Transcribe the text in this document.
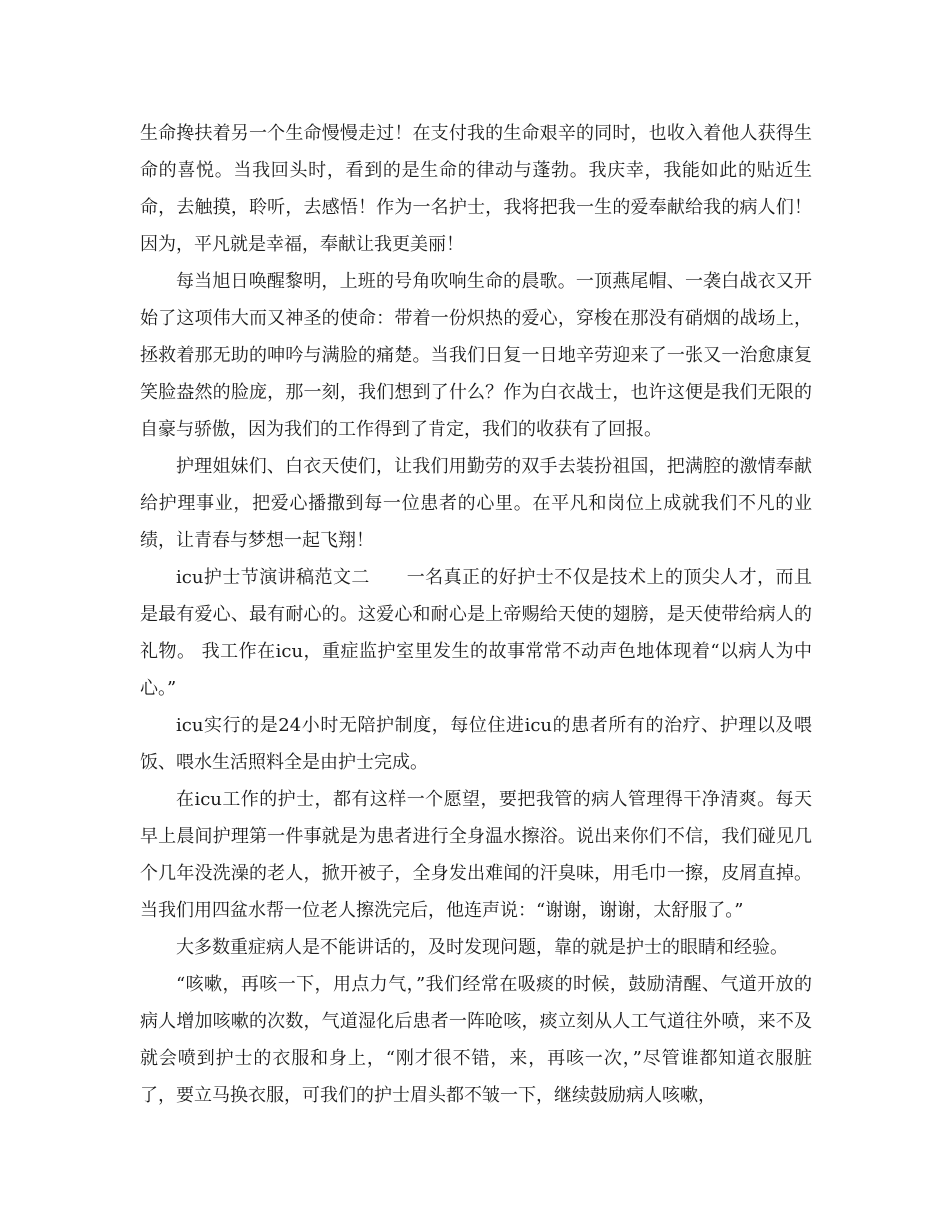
生命搀扶着另一个生命慢慢走过！在支付我的生命艰辛的同时，也收入着他人获得生命的喜悦。当我回头时，看到的是生命的律动与蓬勃。我庆幸，我能如此的贴近生命，去触摸，聆听，去感悟！作为一名护士，我将把我一生的爱奉献给我的病人们！因为，平凡就是幸福，奉献让我更美丽！

每当旭日唤醒黎明，上班的号角吹响生命的晨歌。一顶燕尾帽、一袭白战衣又开始了这项伟大而又神圣的使命：带着一份炽热的爱心，穿梭在那没有硝烟的战场上，拯救着那无助的呻吟与满脸的痛楚。当我们日复一日地辛劳迎来了一张又一治愈康复笑脸盎然的脸庞，那一刻，我们想到了什么？作为白衣战士，也许这便是我们无限的自豪与骄傲，因为我们的工作得到了肯定，我们的收获有了回报。

护理姐妹们、白衣天使们，让我们用勤劳的双手去装扮祖国，把满腔的激情奉献给护理事业，把爱心播撒到每一位患者的心里。在平凡和岗位上成就我们不凡的业绩，让青春与梦想一起飞翔！

icu护士节演讲稿范文二　　一名真正的好护士不仅是技术上的顶尖人才，而且是最有爱心、最有耐心的。这爱心和耐心是上帝赐给天使的翅膀，是天使带给病人的礼物。 我工作在icu，重症监护室里发生的故事常常不动声色地体现着“以病人为中心。”

icu实行的是24小时无陪护制度，每位住进icu的患者所有的治疗、护理以及喂饭、喂水生活照料全是由护士完成。

在icu工作的护士，都有这样一个愿望，要把我管的病人管理得干净清爽。每天早上晨间护理第一件事就是为患者进行全身温水擦浴。说出来你们不信，我们碰见几个几年没洗澡的老人，掀开被子，全身发出难闻的汗臭味，用毛巾一擦，皮屑直掉。当我们用四盆水帮一位老人擦洗完后，他连声说：“谢谢，谢谢，太舒服了。”

大多数重症病人是不能讲话的，及时发现问题，靠的就是护士的眼睛和经验。

“咳嗽，再咳一下，用点力气，”我们经常在吸痰的时候，鼓励清醒、气道开放的病人增加咳嗽的次数，气道湿化后患者一阵呛咳，痰立刻从人工气道往外喷，来不及就会喷到护士的衣服和身上，“刚才很不错，来，再咳一次，”尽管谁都知道衣服脏了，要立马换衣服，可我们的护士眉头都不皱一下，继续鼓励病人咳嗽，
